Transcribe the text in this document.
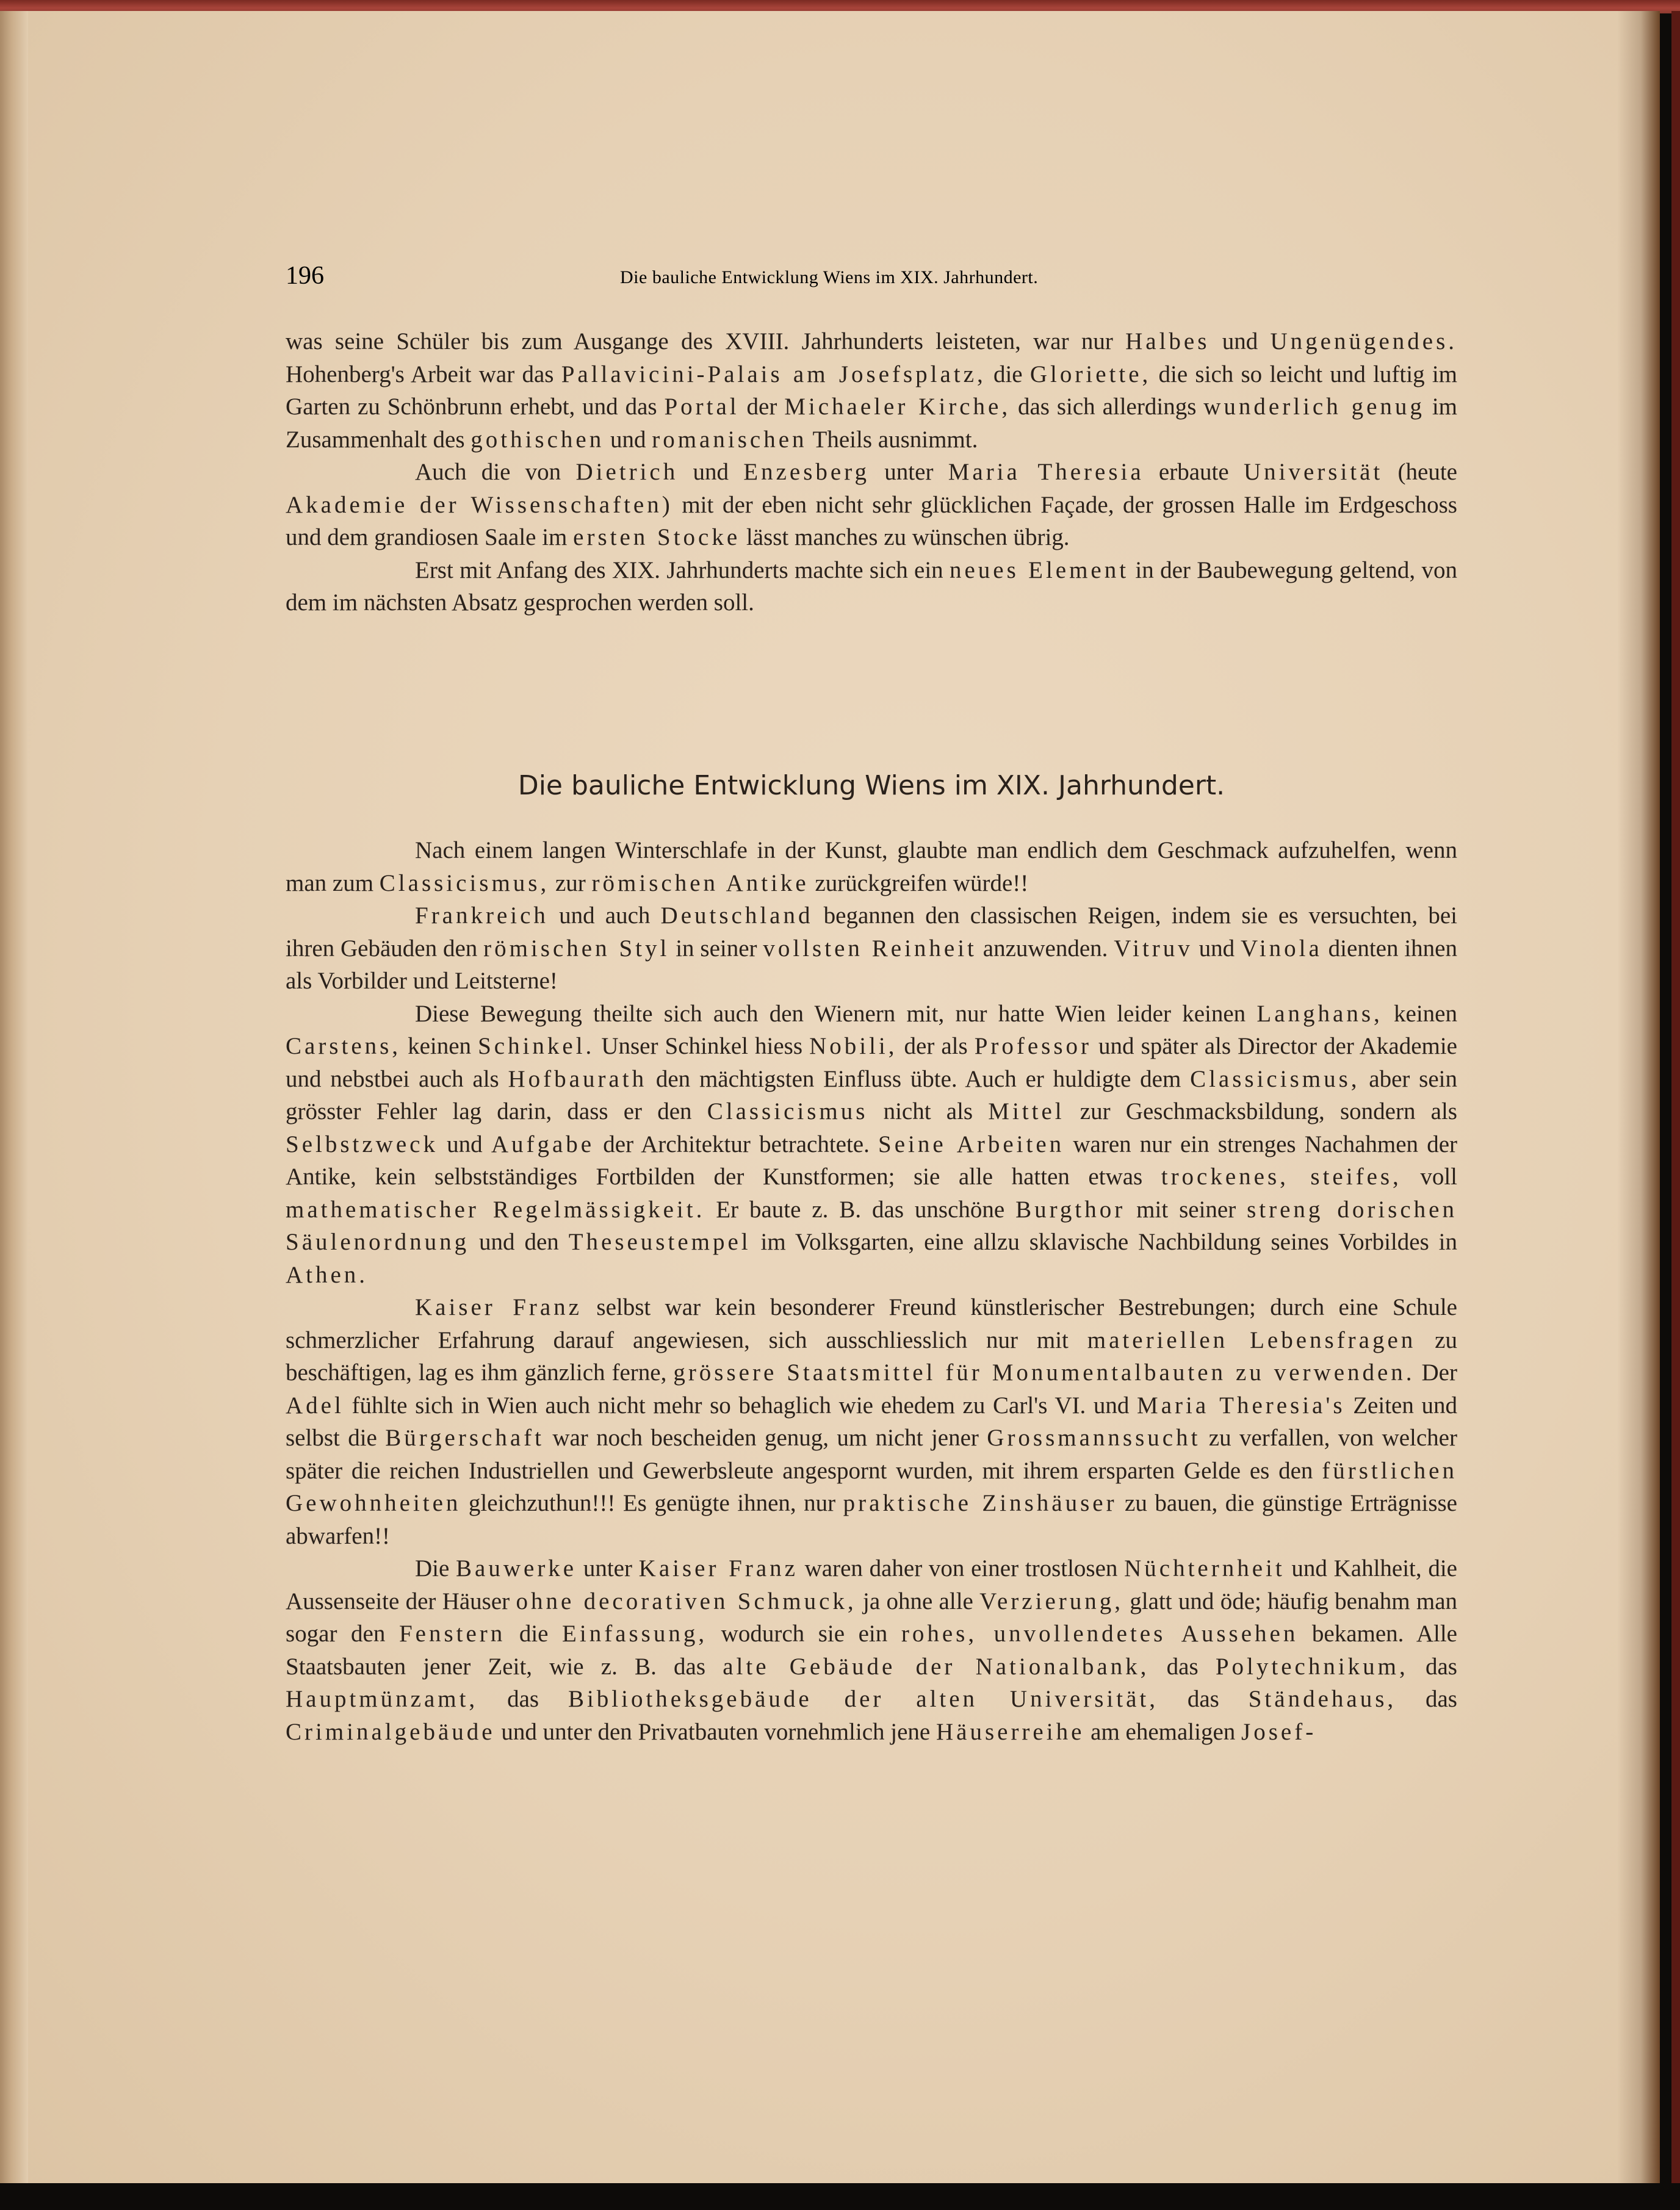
196	Die bauliche Entwicklung Wiens im XIX. Jahrhundert.

was seine Schüler bis zum Ausgange des XVIII. Jahrhunderts leisteten, war nur Halbes und Ungenügendes. Hohenberg's Arbeit war das Pallavicini-Palais am Josefsplatz, die Gloriette, die sich so leicht und luftig im Garten zu Schönbrunn erhebt, und das Portal der Michaeler Kirche, das sich allerdings wunderlich genug im Zusammenhalt des gothischen und romanischen Theils ausnimmt.

Auch die von Dietrich und Enzesberg unter Maria Theresia erbaute Universität (heute Akademie der Wissenschaften) mit der eben nicht sehr glücklichen Façade, der grossen Halle im Erdgeschoss und dem grandiosen Saale im ersten Stocke lässt manches zu wünschen übrig.

Erst mit Anfang des XIX. Jahrhunderts machte sich ein neues Element in der Baubewegung geltend, von dem im nächsten Absatz gesprochen werden soll.

Die bauliche Entwicklung Wiens im XIX. Jahrhundert.

Nach einem langen Winterschlafe in der Kunst, glaubte man endlich dem Geschmack aufzuhelfen, wenn man zum Classicismus, zur römischen Antike zurückgreifen würde!!

Frankreich und auch Deutschland begannen den classischen Reigen, indem sie es versuchten, bei ihren Gebäuden den römischen Styl in seiner vollsten Reinheit anzuwenden. Vitruv und Vinola dienten ihnen als Vorbilder und Leitsterne!

Diese Bewegung theilte sich auch den Wienern mit, nur hatte Wien leider keinen Langhans, keinen Carstens, keinen Schinkel. Unser Schinkel hiess Nobili, der als Professor und später als Director der Akademie und nebstbei auch als Hofbaurath den mächtigsten Einfluss übte. Auch er huldigte dem Classicismus, aber sein grösster Fehler lag darin, dass er den Classicismus nicht als Mittel zur Geschmacksbildung, sondern als Selbstzweck und Aufgabe der Architektur betrachtete. Seine Arbeiten waren nur ein strenges Nachahmen der Antike, kein selbstständiges Fortbilden der Kunstformen; sie alle hatten etwas trockenes, steifes, voll mathematischer Regelmässigkeit. Er baute z. B. das unschöne Burgthor mit seiner streng dorischen Säulenordnung und den Theseustempel im Volksgarten, eine allzu sklavische Nachbildung seines Vorbildes in Athen.

Kaiser Franz selbst war kein besonderer Freund künstlerischer Bestrebungen; durch eine Schule schmerzlicher Erfahrung darauf angewiesen, sich ausschliesslich nur mit materiellen Lebensfragen zu beschäftigen, lag es ihm gänzlich ferne, grössere Staatsmittel für Monumentalbauten zu verwenden. Der Adel fühlte sich in Wien auch nicht mehr so behaglich wie ehedem zu Carl's VI. und Maria Theresia's Zeiten und selbst die Bürgerschaft war noch bescheiden genug, um nicht jener Grossmannssucht zu verfallen, von welcher später die reichen Industriellen und Gewerbsleute angespornt wurden, mit ihrem ersparten Gelde es den fürstlichen Gewohnheiten gleichzuthun!!! Es genügte ihnen, nur praktische Zinshäuser zu bauen, die günstige Erträgnisse abwarfen!!

Die Bauwerke unter Kaiser Franz waren daher von einer trostlosen Nüchternheit und Kahlheit, die Aussenseite der Häuser ohne decorativen Schmuck, ja ohne alle Verzierung, glatt und öde; häufig benahm man sogar den Fenstern die Einfassung, wodurch sie ein rohes, unvollendetes Aussehen bekamen. Alle Staatsbauten jener Zeit, wie z. B. das alte Gebäude der Nationalbank, das Polytechnikum, das Hauptmünzamt, das Bibliotheksgebäude der alten Universität, das Ständehaus, das Criminalgebäude und unter den Privatbauten vornehmlich jene Häuserreihe am ehemaligen Josef-
